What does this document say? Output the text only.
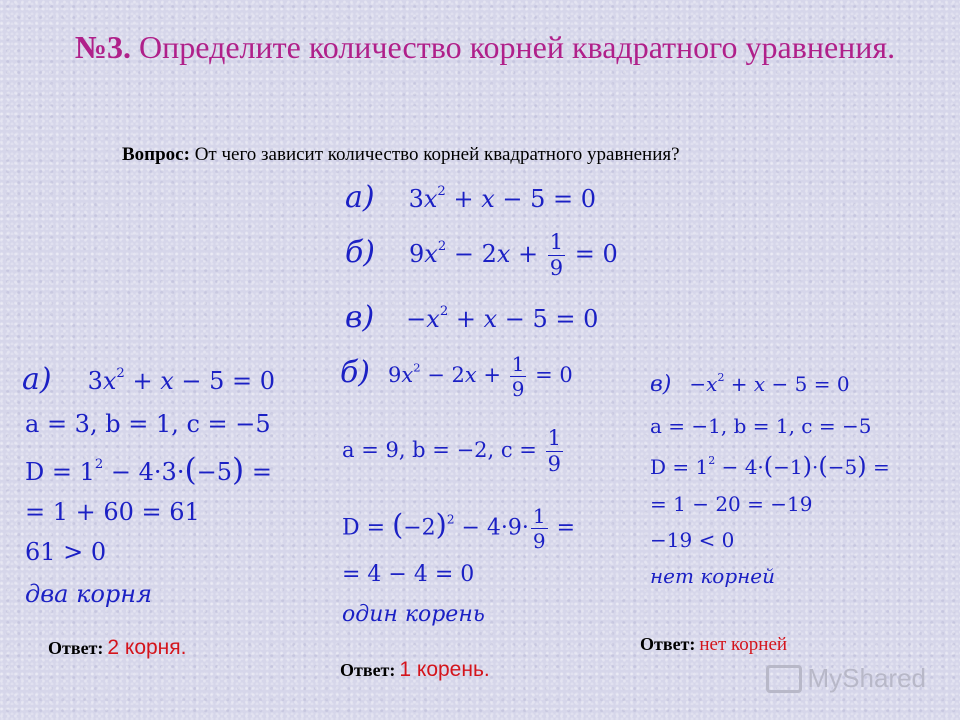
№3. Определите количество корней квадратного уравнения.
Вопрос: От чего зависит количество корней квадратного уравнения?
а) $3x^2 + x - 5 = 0$
б) $9x^2 - 2x + \frac{1}{9} = 0$
$в) -x^2 + x - 5 = 0$
а) $3x^2 + x - 5 = 0$
a = 3, b = 1, c = −5
$D = 1^2 - 4\cdot 3\cdot(-5)$ =
= 1 + 60 = 61
61 > 0
два корня
Ответ: 2 корня.
б) $9x^2 - 2x + \frac{1}{9} = 0$
a = 9, b = −2, $c = \frac{1}{9}$
$D = (-2)^2 - 4\cdot 9\cdot \frac{1}{9}$ =
= 4 − 4 = 0
один корень
Ответ: 1 корень.
$в) -x^2 + x - 5 = 0$
a = −1, b = 1, c = −5
$D = 1^2 - 4\cdot(-1)\cdot(-5)$ =
= 1 − 20 = −19
−19 < 0
нет корней
Ответ: нет корней
MyShared
